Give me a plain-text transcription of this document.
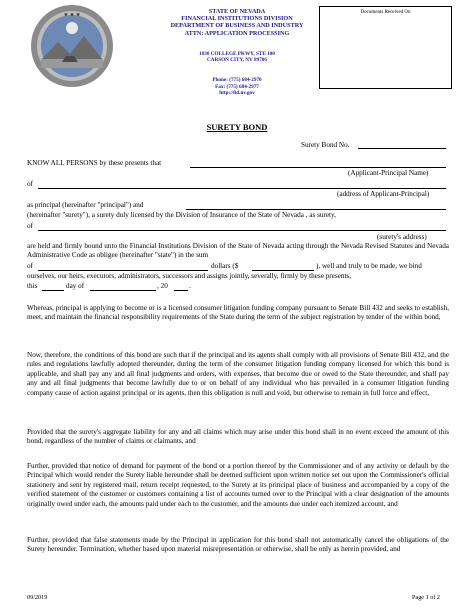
★ ★ ★	STATE OF NEVADA
FINANCIAL INSTITUTIONS DIVISION
DEPARTMENT OF BUSINESS AND INDUSTRY
ATTN: APPLICATION PROCESSING
1830 COLLEGE PKWY, STE 100
CARSON CITY, NV 89706
Phone: (775) 684-2970
Fax: (775) 684-2977
http://fid.nv.gov
Documents Received On
SURETY BOND
Surety Bond No.
KNOW ALL PERSONS by these presents that
(Applicant-Principal Name)
of
(address of Applicant-Principal)
as principal (hereinafter "principal") and
(hereinafter "surety"), a surety duly licensed by the Division of Insurance of the State of Nevada , as surety,
of
(surety's address)
are held and firmly bound unto the Financial Institutions Division of the State of Nevada acting through the Nevada Revised Statutes and Nevada Administrative Code as obligee (hereinafter "state") in the sum
of	dollars ($	), well and truly to be made, we bind
ourselves, our heirs, executors, administrators, successors and assigns jointly, severally, firmly by these presents,
this	day of	, 20	.
Whereas, principal is applying to become or is a licensed consumer litigation funding company pursuant to Senate Bill 432 and seeks to establish, meet, and maintain the financial responsibility requirements of the State during the term of the subject registration by tender of the within bond,
Now, therefore, the conditions of this bond are such that if the principal and its agents shall comply with all provisions of Senate Bill 432, and the rules and regulations lawfully adopted thereunder, during the term of the consumer litigation funding company licensed for which this bond is applicable, and shall pay any and all final judgments and orders, with expenses, that become due or owed to the State thereunder, and shall pay any and all final judgments that become lawfully due to or on behalf of any individual who has prevailed in a consumer litigation funding company cause of action against principal or its agents, then this obligation is null and void, but otherwise to remain in full force and effect,
Provided that the surety's aggregate liability for any and all claims which may arise under this bond shall in no event exceed the amount of this bond, regardless of the number of claims or claimants, and
Further, provided that notice of demand for payment of the bond or a portion thereof by the Commissioner and of any activity or default by the Principal which would render the Surety liable hereunder shall be deemed sufficient upon written notice set out upon the Commissioner's official stationery and sent by registered mail, return receipt requested, to the Surety at its principal place of business and accompanied by a copy of the verified statement of the customer or customers containing a list of accounts turned over to the Principal with a clear designation of the amounts originally owed under each, the amounts paid under each to the customer, and the amounts due under each itemized account, and
Further, provided that false statements made by the Principal in application for this bond shall not automatically cancel the obligations of the Surety hereunder. Termination, whether based upon material misrepresentation or otherwise, shall be only as herein provided, and
09/2019	Page 1 of 2
